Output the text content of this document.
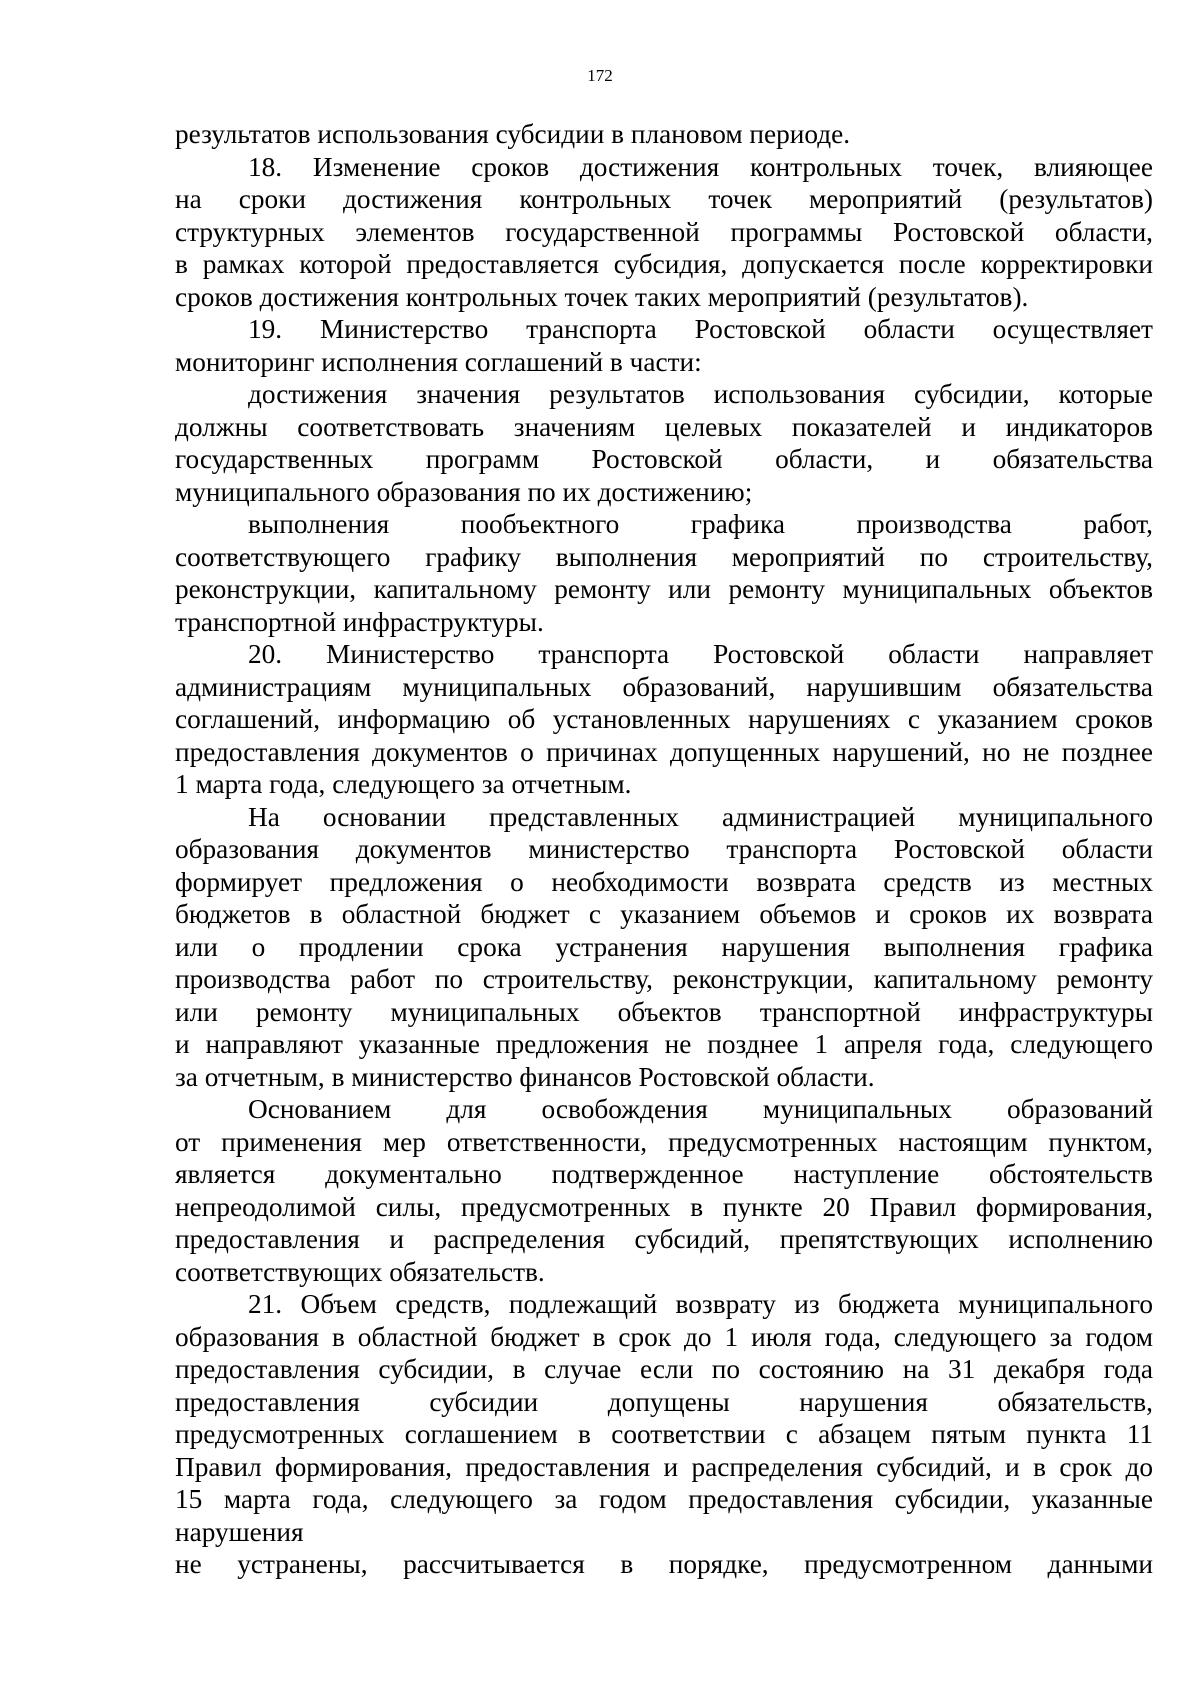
172
результатов использования субсидии в плановом периоде.
18. Изменение сроков достижения контрольных точек, влияющее
на сроки достижения контрольных точек мероприятий (результатов)
структурных элементов государственной программы Ростовской области,
в рамках которой предоставляется субсидия, допускается после корректировки
сроков достижения контрольных точек таких мероприятий (результатов).
19. Министерство транспорта Ростовской области осуществляет
мониторинг исполнения соглашений в части:
достижения значения результатов использования субсидии, которые
должны соответствовать значениям целевых показателей и индикаторов
государственных программ Ростовской области, и обязательства
муниципального образования по их достижению;
выполнения пообъектного графика производства работ,
соответствующего графику выполнения мероприятий по строительству,
реконструкции, капитальному ремонту или ремонту муниципальных объектов
транспортной инфраструктуры.
20. Министерство транспорта Ростовской области направляет
администрациям муниципальных образований, нарушившим обязательства
соглашений, информацию об установленных нарушениях с указанием сроков
предоставления документов о причинах допущенных нарушений, но не позднее
1 марта года, следующего за отчетным.
На основании представленных администрацией муниципального
образования документов министерство транспорта Ростовской области
формирует предложения о необходимости возврата средств из местных
бюджетов в областной бюджет с указанием объемов и сроков их возврата
или о продлении срока устранения нарушения выполнения графика
производства работ по строительству, реконструкции, капитальному ремонту
или ремонту муниципальных объектов транспортной инфраструктуры
и направляют указанные предложения не позднее 1 апреля года, следующего
за отчетным, в министерство финансов Ростовской области.
Основанием для освобождения муниципальных образований
от применения мер ответственности, предусмотренных настоящим пунктом,
является документально подтвержденное наступление обстоятельств
непреодолимой силы, предусмотренных в пункте 20 Правил формирования,
предоставления и распределения субсидий, препятствующих исполнению
соответствующих обязательств.
21. Объем средств, подлежащий возврату из бюджета муниципального
образования в областной бюджет в срок до 1 июля года, следующего за годом
предоставления субсидии, в случае если по состоянию на 31 декабря года
предоставления субсидии допущены нарушения обязательств,
предусмотренных соглашением в соответствии с абзацем пятым пункта 11
Правил формирования, предоставления и распределения субсидий, и в срок до
15 марта года, следующего за годом предоставления субсидии, указанные
нарушения
не устранены, рассчитывается в порядке, предусмотренном данными
